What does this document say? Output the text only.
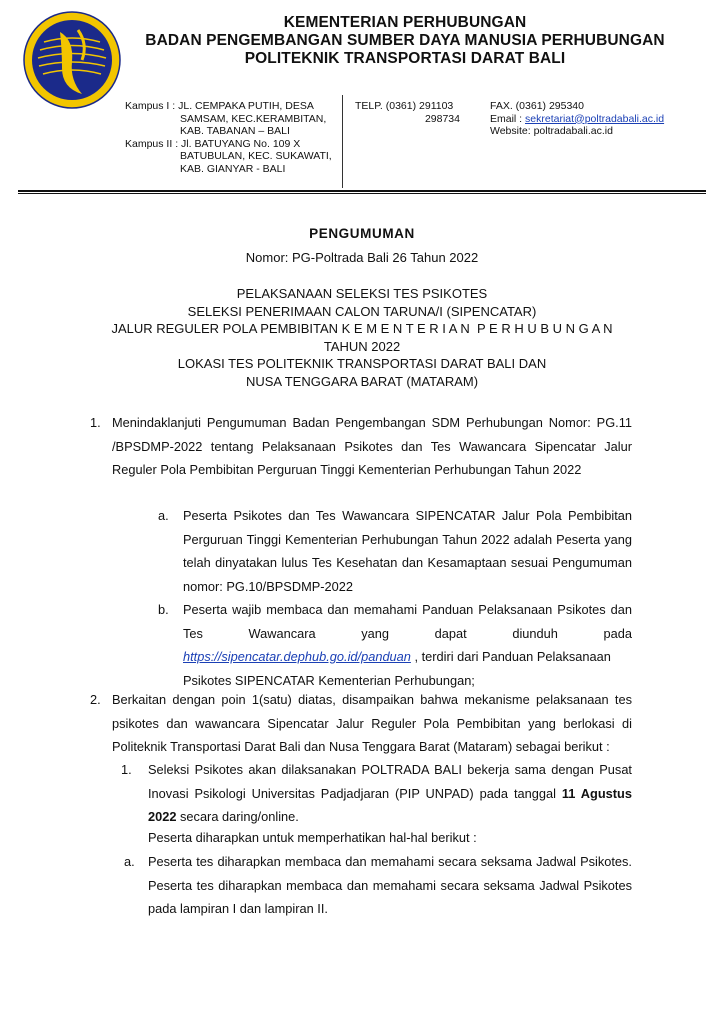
KEMENTERIAN PERHUBUNGAN
BADAN PENGEMBANGAN SUMBER DAYA MANUSIA PERHUBUNGAN
POLITEKNIK TRANSPORTASI DARAT BALI
Kampus I : JL. CEMPAKA PUTIH, DESA
SAMSAM, KEC.KERAMBITAN,
KAB. TABANAN – BALI
Kampus II : Jl. BATUYANG No. 109 X
BATUBULAN, KEC. SUKAWATI,
KAB. GIANYAR - BALI
TELP. (0361) 291103
298734
FAX. (0361) 295340
Email : sekretariat@poltradabali.ac.id
Website: poltradabali.ac.id
PENGUMUMAN
Nomor: PG-Poltrada Bali 26 Tahun 2022
PELAKSANAAN SELEKSI TES PSIKOTES
SELEKSI PENERIMAAN CALON TARUNA/I (SIPENCATAR)
JALUR REGULER POLA PEMBIBITAN K E M E N T E R I A N  P E R H U B U N G A N
TAHUN 2022
LOKASI TES POLITEKNIK TRANSPORTASI DARAT BALI DAN
NUSA TENGGARA BARAT (MATARAM)
1. Menindaklanjuti Pengumuman Badan Pengembangan SDM Perhubungan Nomor: PG.11 /BPSDMP-2022 tentang Pelaksanaan Psikotes dan Tes Wawancara Sipencatar Jalur Reguler Pola Pembibitan Perguruan Tinggi Kementerian Perhubungan Tahun 2022
a. Peserta Psikotes dan Tes Wawancara SIPENCATAR Jalur Pola Pembibitan Perguruan Tinggi Kementerian Perhubungan Tahun 2022 adalah Peserta yang telah dinyatakan lulus Tes Kesehatan dan Kesamaptaan sesuai Pengumuman nomor: PG.10/BPSDMP-2022
b. Peserta wajib membaca dan memahami Panduan Pelaksanaan Psikotes dan
Tes Wawancara yang dapat diunduh pada
https://sipencatar.dephub.go.id/panduan , terdiri dari Panduan Pelaksanaan
Psikotes SIPENCATAR Kementerian Perhubungan;
2. Berkaitan dengan poin 1(satu) diatas, disampaikan bahwa mekanisme pelaksanaan tes psikotes dan wawancara Sipencatar Jalur Reguler Pola Pembibitan yang berlokasi di Politeknik Transportasi Darat Bali dan Nusa Tenggara Barat (Mataram) sebagai berikut :
1. Seleksi Psikotes akan dilaksanakan POLTRADA BALI bekerja sama dengan Pusat Inovasi Psikologi Universitas Padjadjaran (PIP UNPAD) pada tanggal 11 Agustus 2022 secara daring/online.
Peserta diharapkan untuk memperhatikan hal-hal berikut :
a. Peserta tes diharapkan membaca dan memahami secara seksama Jadwal Psikotes. Peserta tes diharapkan membaca dan memahami secara seksama Jadwal Psikotes pada lampiran I dan lampiran II.
